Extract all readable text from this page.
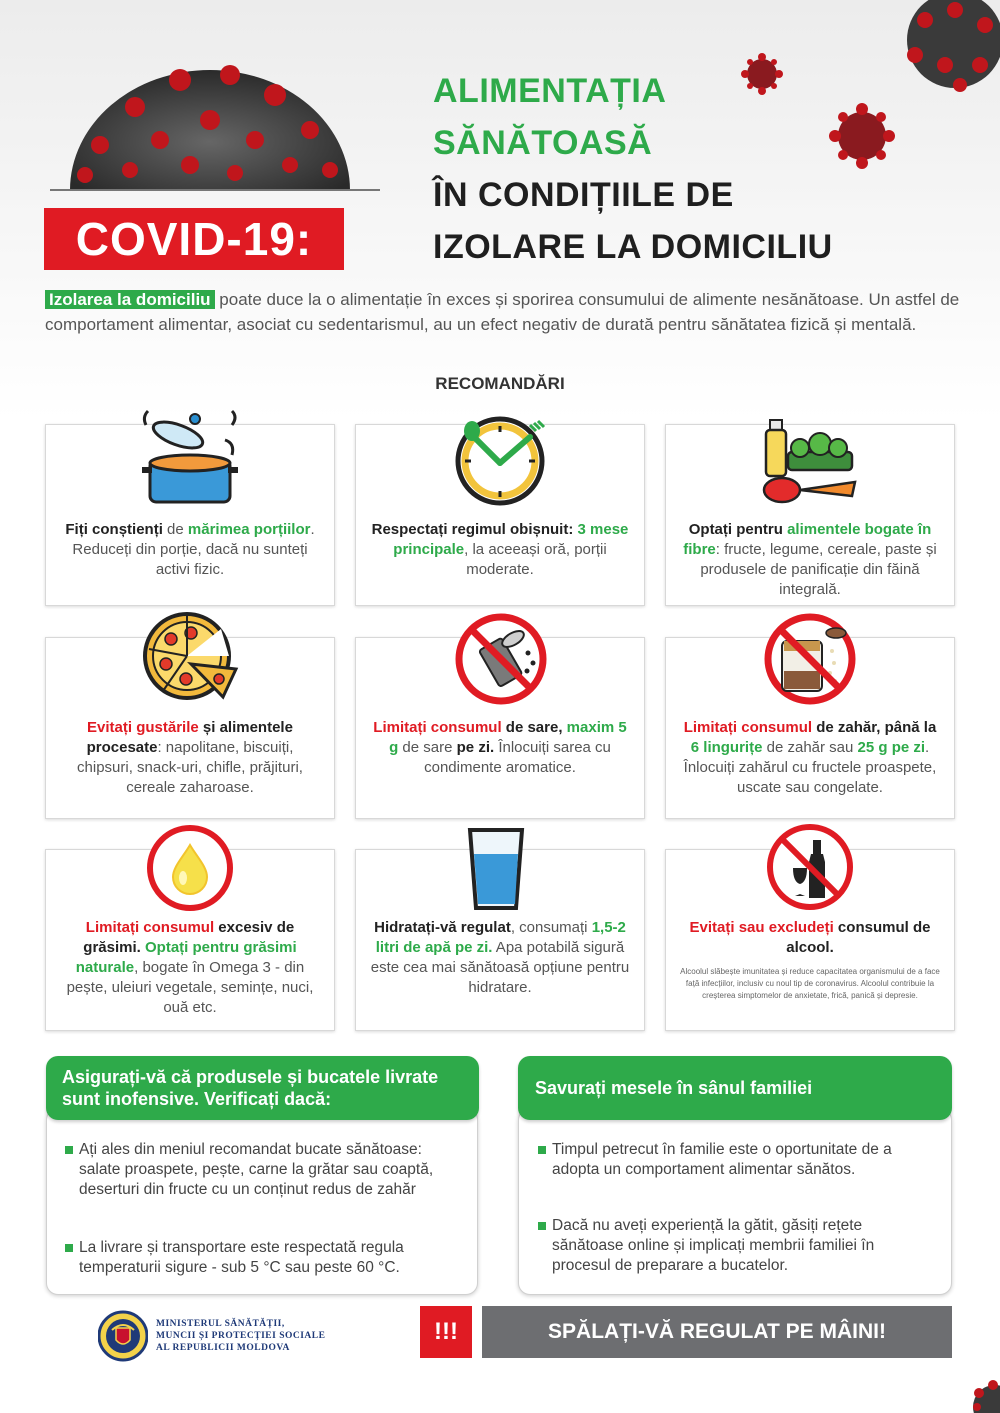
COVID-19:
ALIMENTAȚIA
SĂNĂTOASĂ
ÎN CONDIȚIILE DE
IZOLARE LA DOMICILIU
Izolarea la domiciliu poate duce la o alimentație în exces și sporirea consumului de alimente nesănătoase. Un astfel de comportament alimentar, asociat cu sedentarismul, au un efect negativ de durată pentru sănătatea fizică și mentală.
RECOMANDĂRI
Fiți conștienți de mărimea porțiilor. Reduceți din porție, dacă nu sunteți activi fizic.
Respectați regimul obișnuit: 3 mese principale, la aceeași oră, porții moderate.
Optați pentru alimentele bogate în fibre: fructe, legume, cereale, paste și produsele de panificație din făină integrală.
Evitați gustările și alimentele procesate: napolitane, biscuiți, chipsuri, snack-uri, chifle, prăjituri, cereale zaharoase.
Limitați consumul de sare, maxim 5 g de sare pe zi. Înlocuiți sarea cu condimente aromatice.
Limitați consumul de zahăr, până la 6 lingurițe de zahăr sau 25 g pe zi. Înlocuiți zahărul cu fructele proaspete, uscate sau congelate.
Limitați consumul excesiv de grăsimi. Optați pentru grăsimi naturale, bogate în Omega 3 - din pește, uleiuri vegetale, semințe, nuci, ouă etc.
Hidratați-vă regulat, consumați 1,5-2 litri de apă pe zi. Apa potabilă sigură este cea mai sănătoasă opțiune pentru hidratare.
Evitați sau excludeți consumul de alcool.
Alcoolul slăbește imunitatea și reduce capacitatea organismului de a face față infecțiilor, inclusiv cu noul tip de coronavirus. Alcoolul contribuie la creșterea simptomelor de anxietate, frică, panică și depresie.
Asigurați-vă că produsele și bucatele livrate sunt inofensive. Verificați dacă:
Ați ales din meniul recomandat bucate sănătoase: salate proaspete, pește, carne la grătar sau coaptă, deserturi din fructe cu un conținut redus de zahăr
La livrare și transportare este respectată regula temperaturii sigure - sub 5 °C sau peste 60 °C.
Savurați mesele în sânul familiei
Timpul petrecut în familie este o oportunitate de a adopta un comportament alimentar sănătos.
Dacă nu aveți experiență la gătit, găsiți rețete sănătoase online și implicați membrii familiei în procesul de preparare a bucatelor.
MINISTERUL SĂNĂTĂȚII,
MUNCII ȘI PROTECȚIEI SOCIALE
AL REPUBLICII MOLDOVA
!!!	SPĂLAȚI-VĂ REGULAT PE MÂINI!
